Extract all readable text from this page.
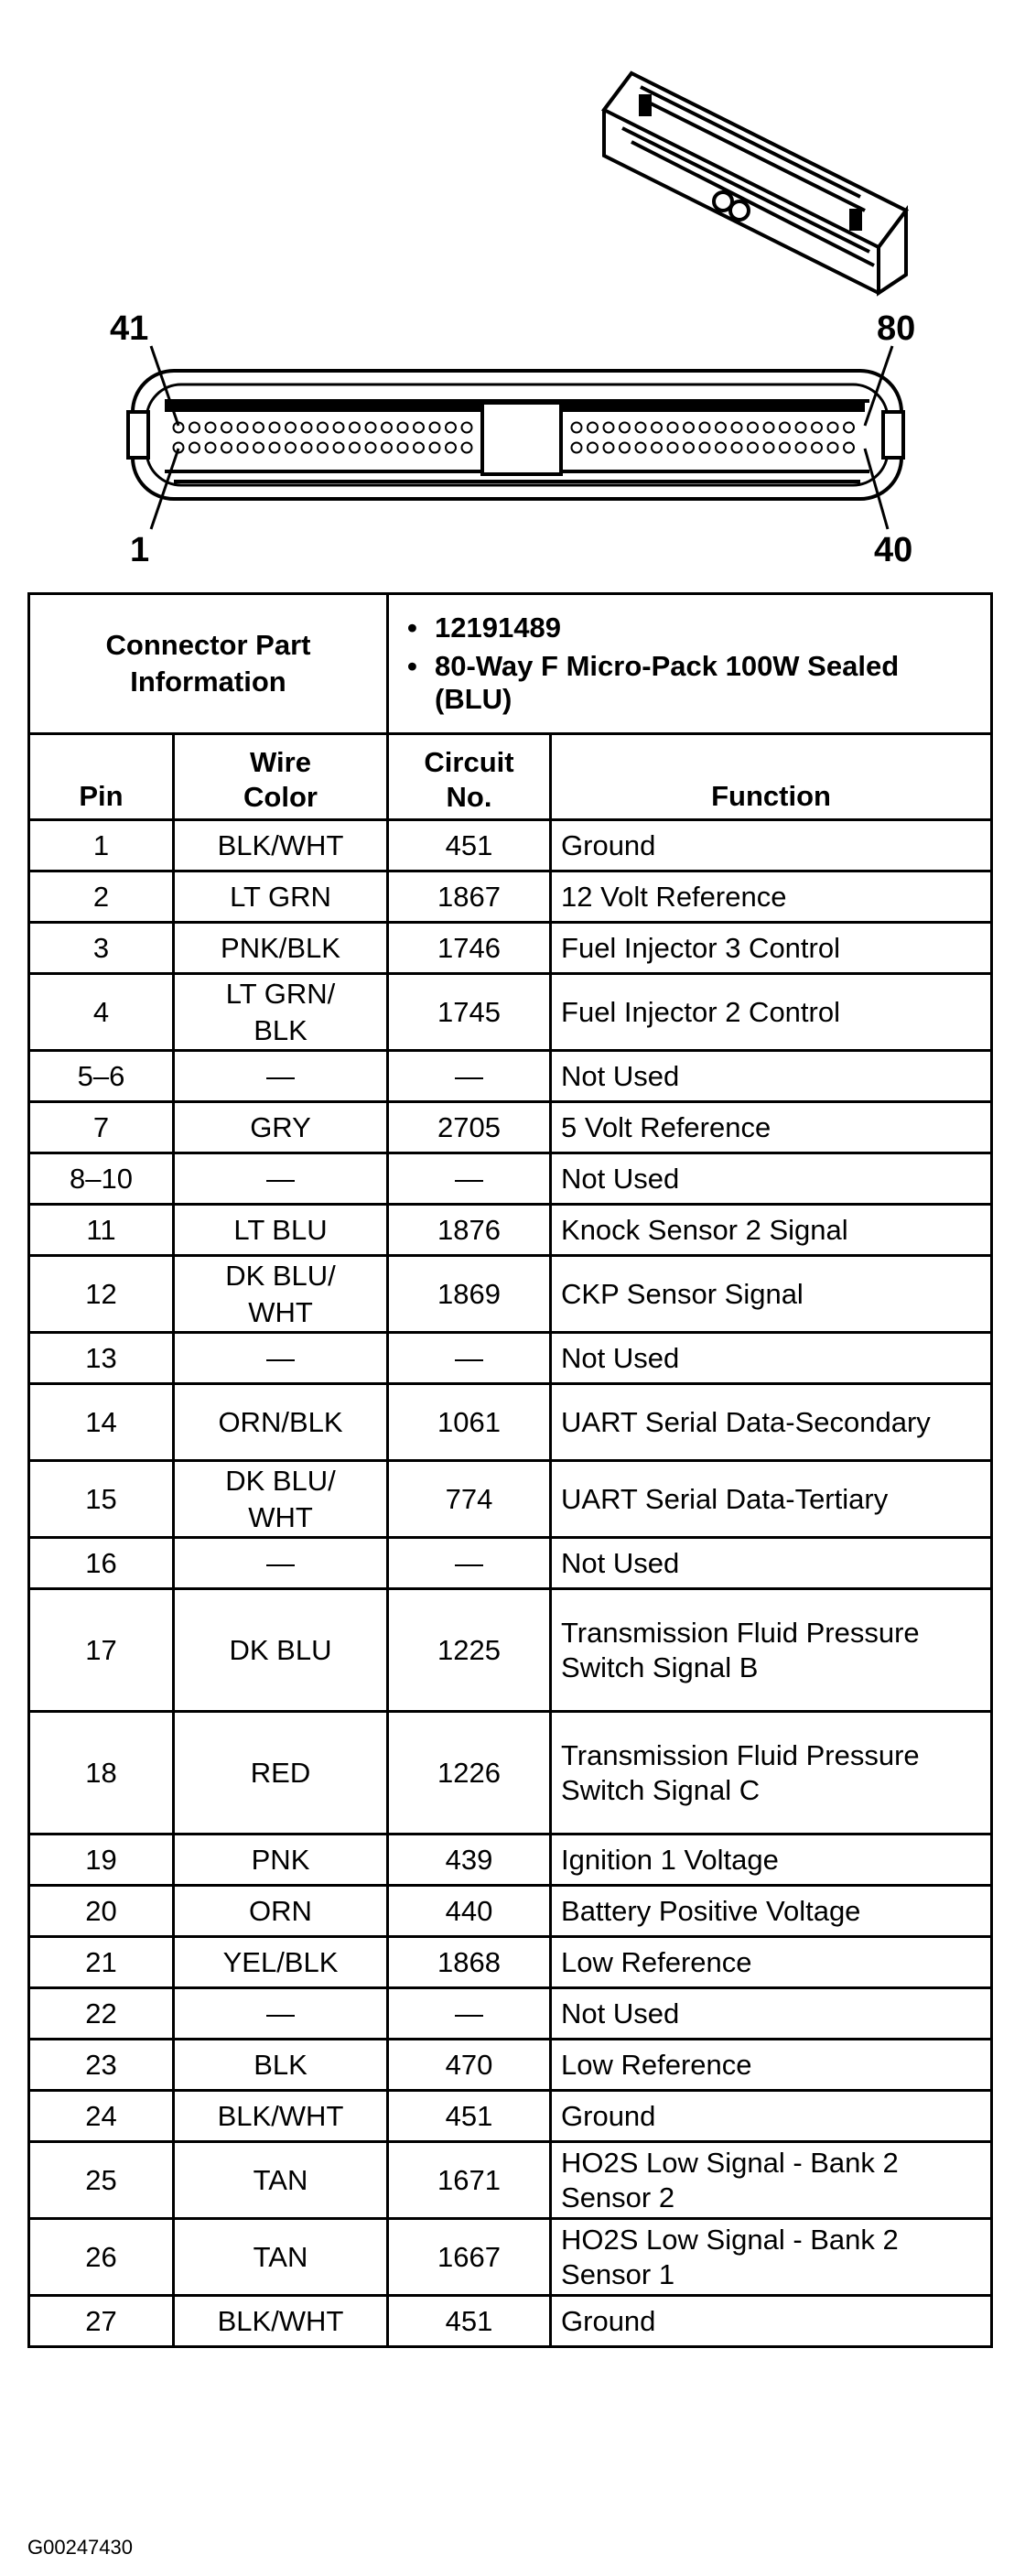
41	80
1	40
Connector Part Information		• 12191489
• 80-Way F Micro-Pack 100W Sealed (BLU)	

Pin	Wire Color	Circuit No.	Function
1	BLK/WHT	451	Ground
2	LT GRN	1867	12 Volt Reference
3	PNK/BLK	1746	Fuel Injector 3 Control
4	LT GRN/ BLK	1745	Fuel Injector 2 Control
5–6	—	—	Not Used
7	GRY	2705	5 Volt Reference
8–10	—	—	Not Used
11	LT BLU	1876	Knock Sensor 2 Signal
12	DK BLU/ WHT	1869	CKP Sensor Signal
13	—	—	Not Used
14	ORN/BLK	1061	UART Serial Data-Secondary
15	DK BLU/ WHT	774	UART Serial Data-Tertiary
16	—	—	Not Used
17	DK BLU	1225	Transmission Fluid Pressure Switch Signal B
18	RED	1226	Transmission Fluid Pressure Switch Signal C
19	PNK	439	Ignition 1 Voltage
20	ORN	440	Battery Positive Voltage
21	YEL/BLK	1868	Low Reference
22	—	—	Not Used
23	BLK	470	Low Reference
24	BLK/WHT	451	Ground
25	TAN	1671	HO2S Low Signal - Bank 2 Sensor 2
26	TAN	1667	HO2S Low Signal - Bank 2 Sensor 1
27	BLK/WHT	451	Ground
G00247430
